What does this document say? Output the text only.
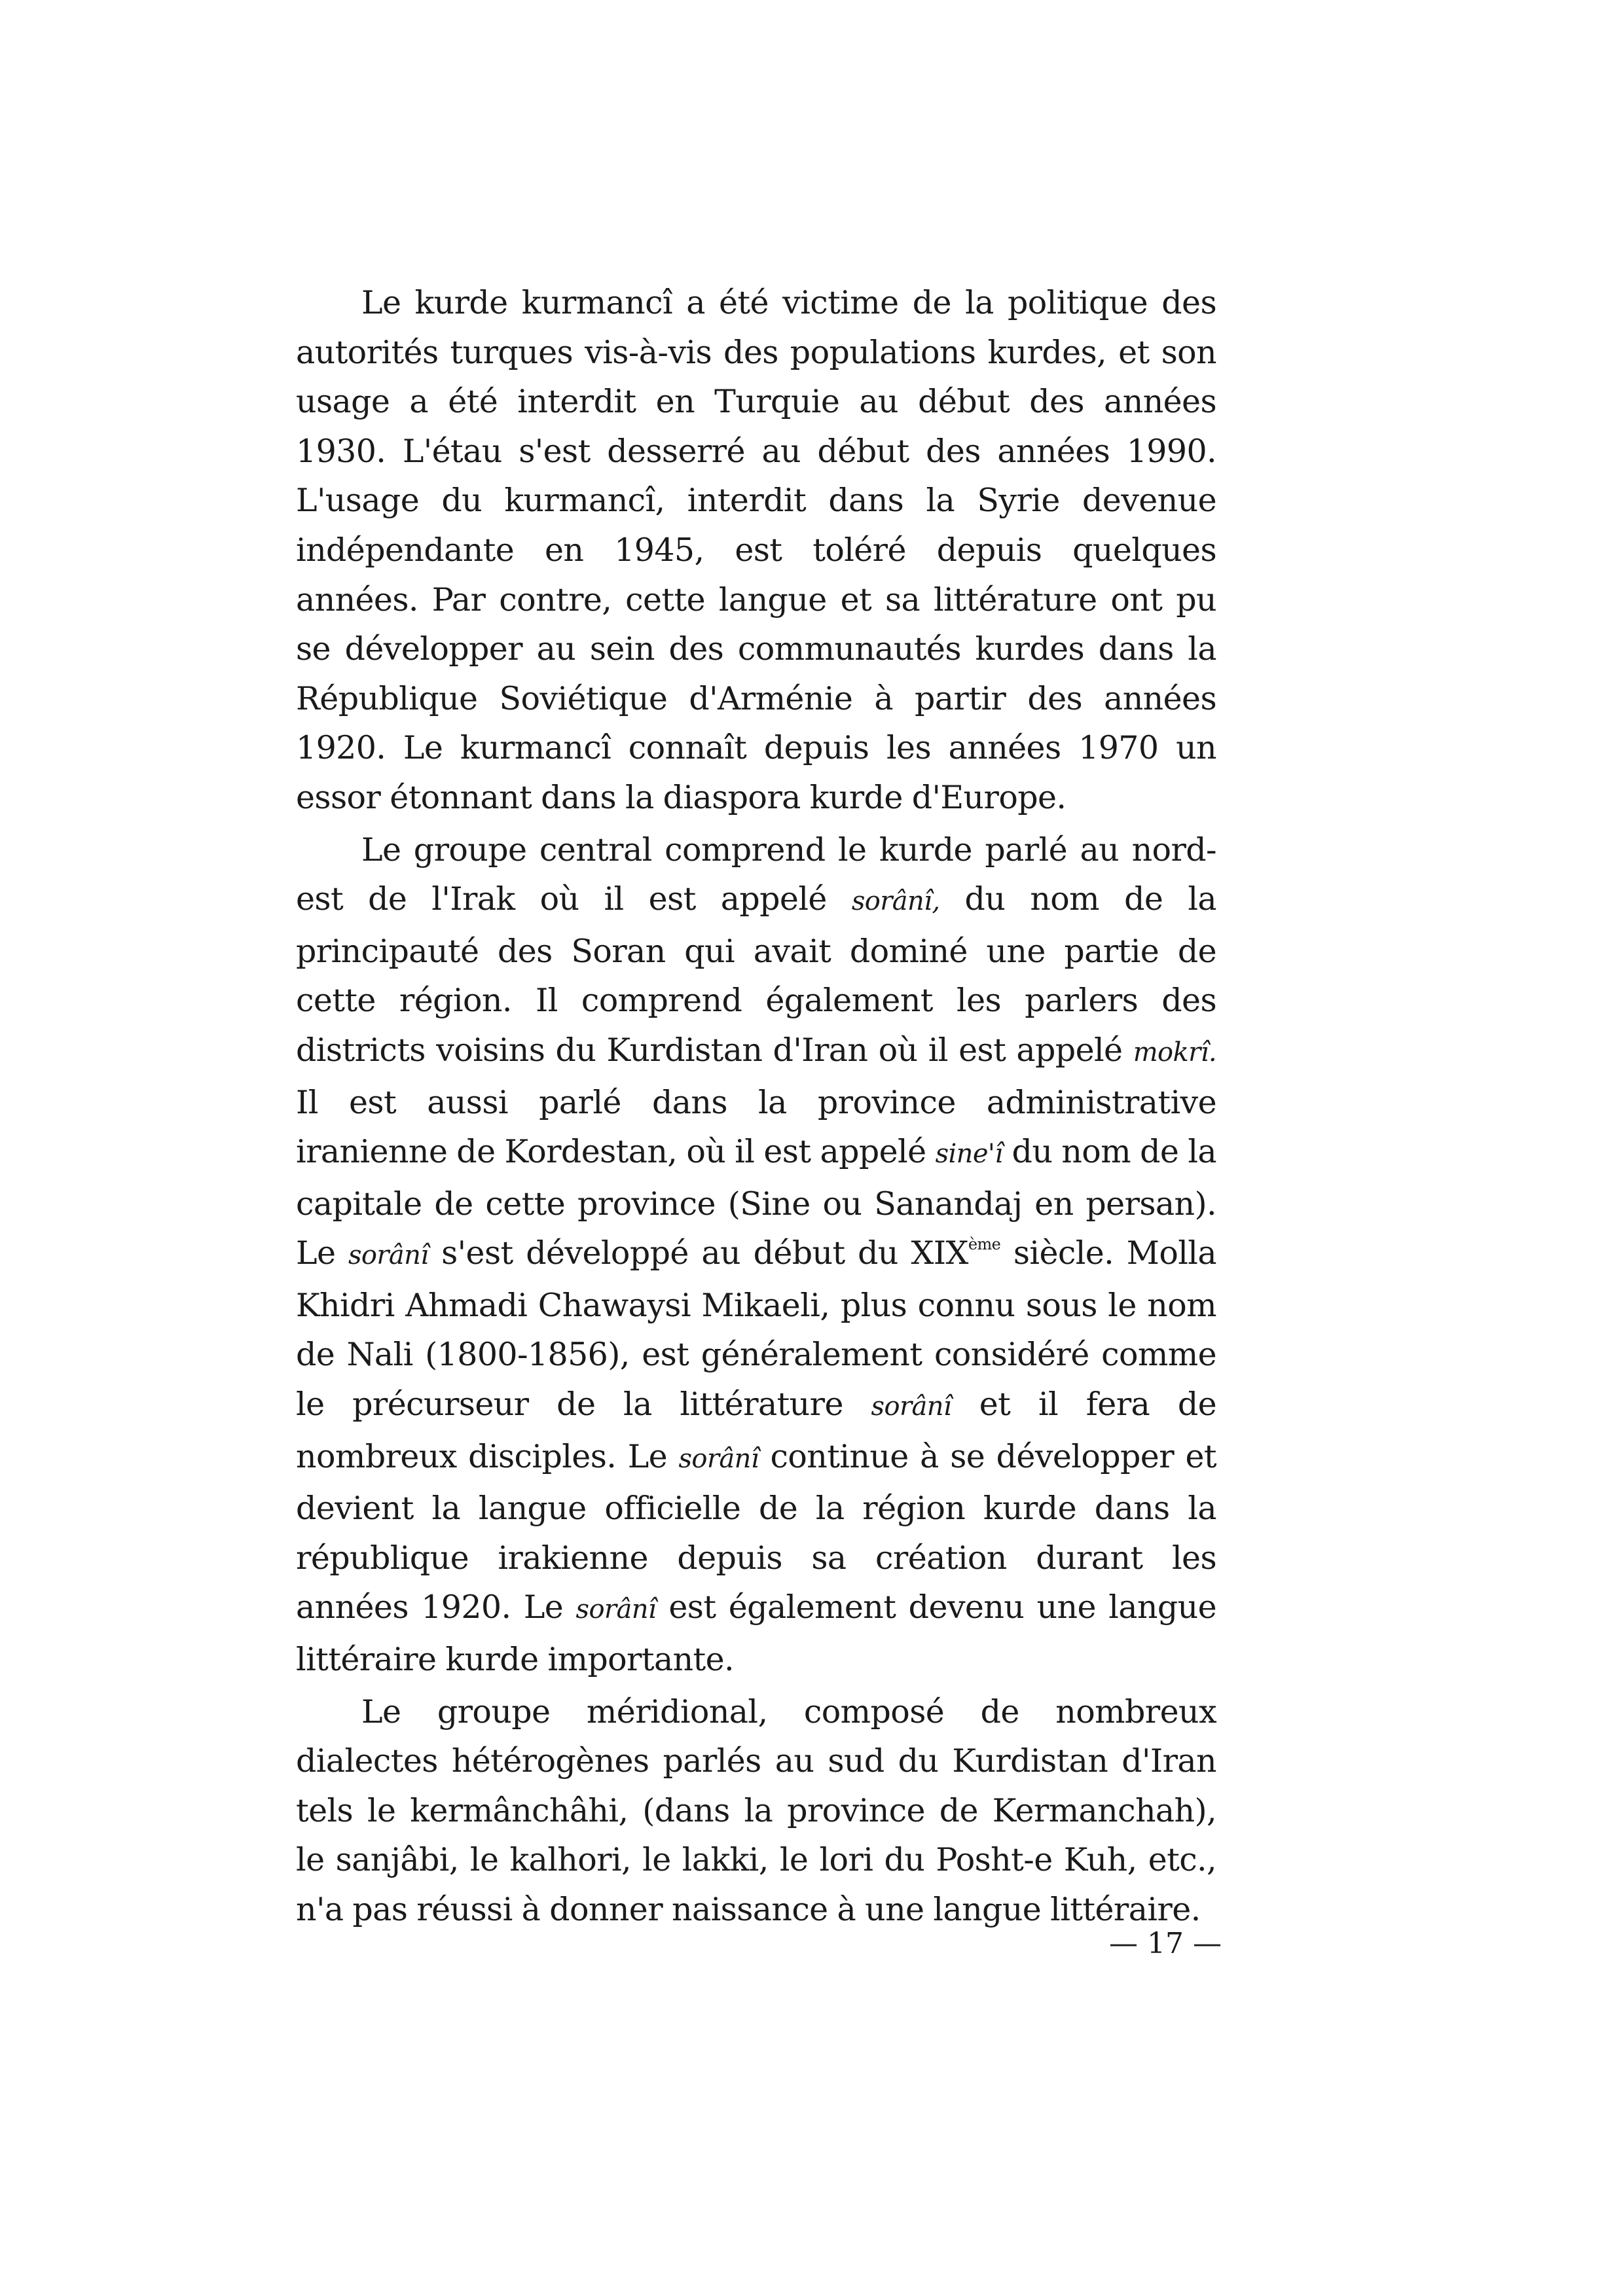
Le kurde kurmancî a été victime de la politique des autorités turques vis-à-vis des populations kurdes, et son usage a été interdit en Turquie au début des années 1930. L'étau s'est desserré au début des années 1990. L'usage du kurmancî, interdit dans la Syrie devenue indépendante en 1945, est toléré depuis quelques années. Par contre, cette langue et sa littérature ont pu se développer au sein des communautés kurdes dans la République Soviétique d'Arménie à partir des années 1920. Le kurmancî connaît depuis les années 1970 un essor étonnant dans la diaspora kurde d'Europe.

Le groupe central comprend le kurde parlé au nord-est de l'Irak où il est appelé sorânî, du nom de la principauté des Soran qui avait dominé une partie de cette région. Il comprend également les parlers des districts voisins du Kurdistan d'Iran où il est appelé mokrî. Il est aussi parlé dans la province administrative iranienne de Kordestan, où il est appelé sine'î du nom de la capitale de cette province (Sine ou Sanandaj en persan). Le sorânî s'est développé au début du XIXème siècle. Molla Khidri Ahmadi Chawaysi Mikaeli, plus connu sous le nom de Nali (1800-1856), est généralement considéré comme le précurseur de la littérature sorânî et il fera de nombreux disciples. Le sorânî continue à se développer et devient la langue officielle de la région kurde dans la république irakienne depuis sa création durant les années 1920. Le sorânî est également devenu une langue littéraire kurde importante.

Le groupe méridional, composé de nombreux dialectes hétérogènes parlés au sud du Kurdistan d'Iran tels le kermânchâhi, (dans la province de Kermanchah), le sanjâbi, le kalhori, le lakki, le lori du Posht-e Kuh, etc., n'a pas réussi à donner naissance à une langue littéraire.

— 17 —
